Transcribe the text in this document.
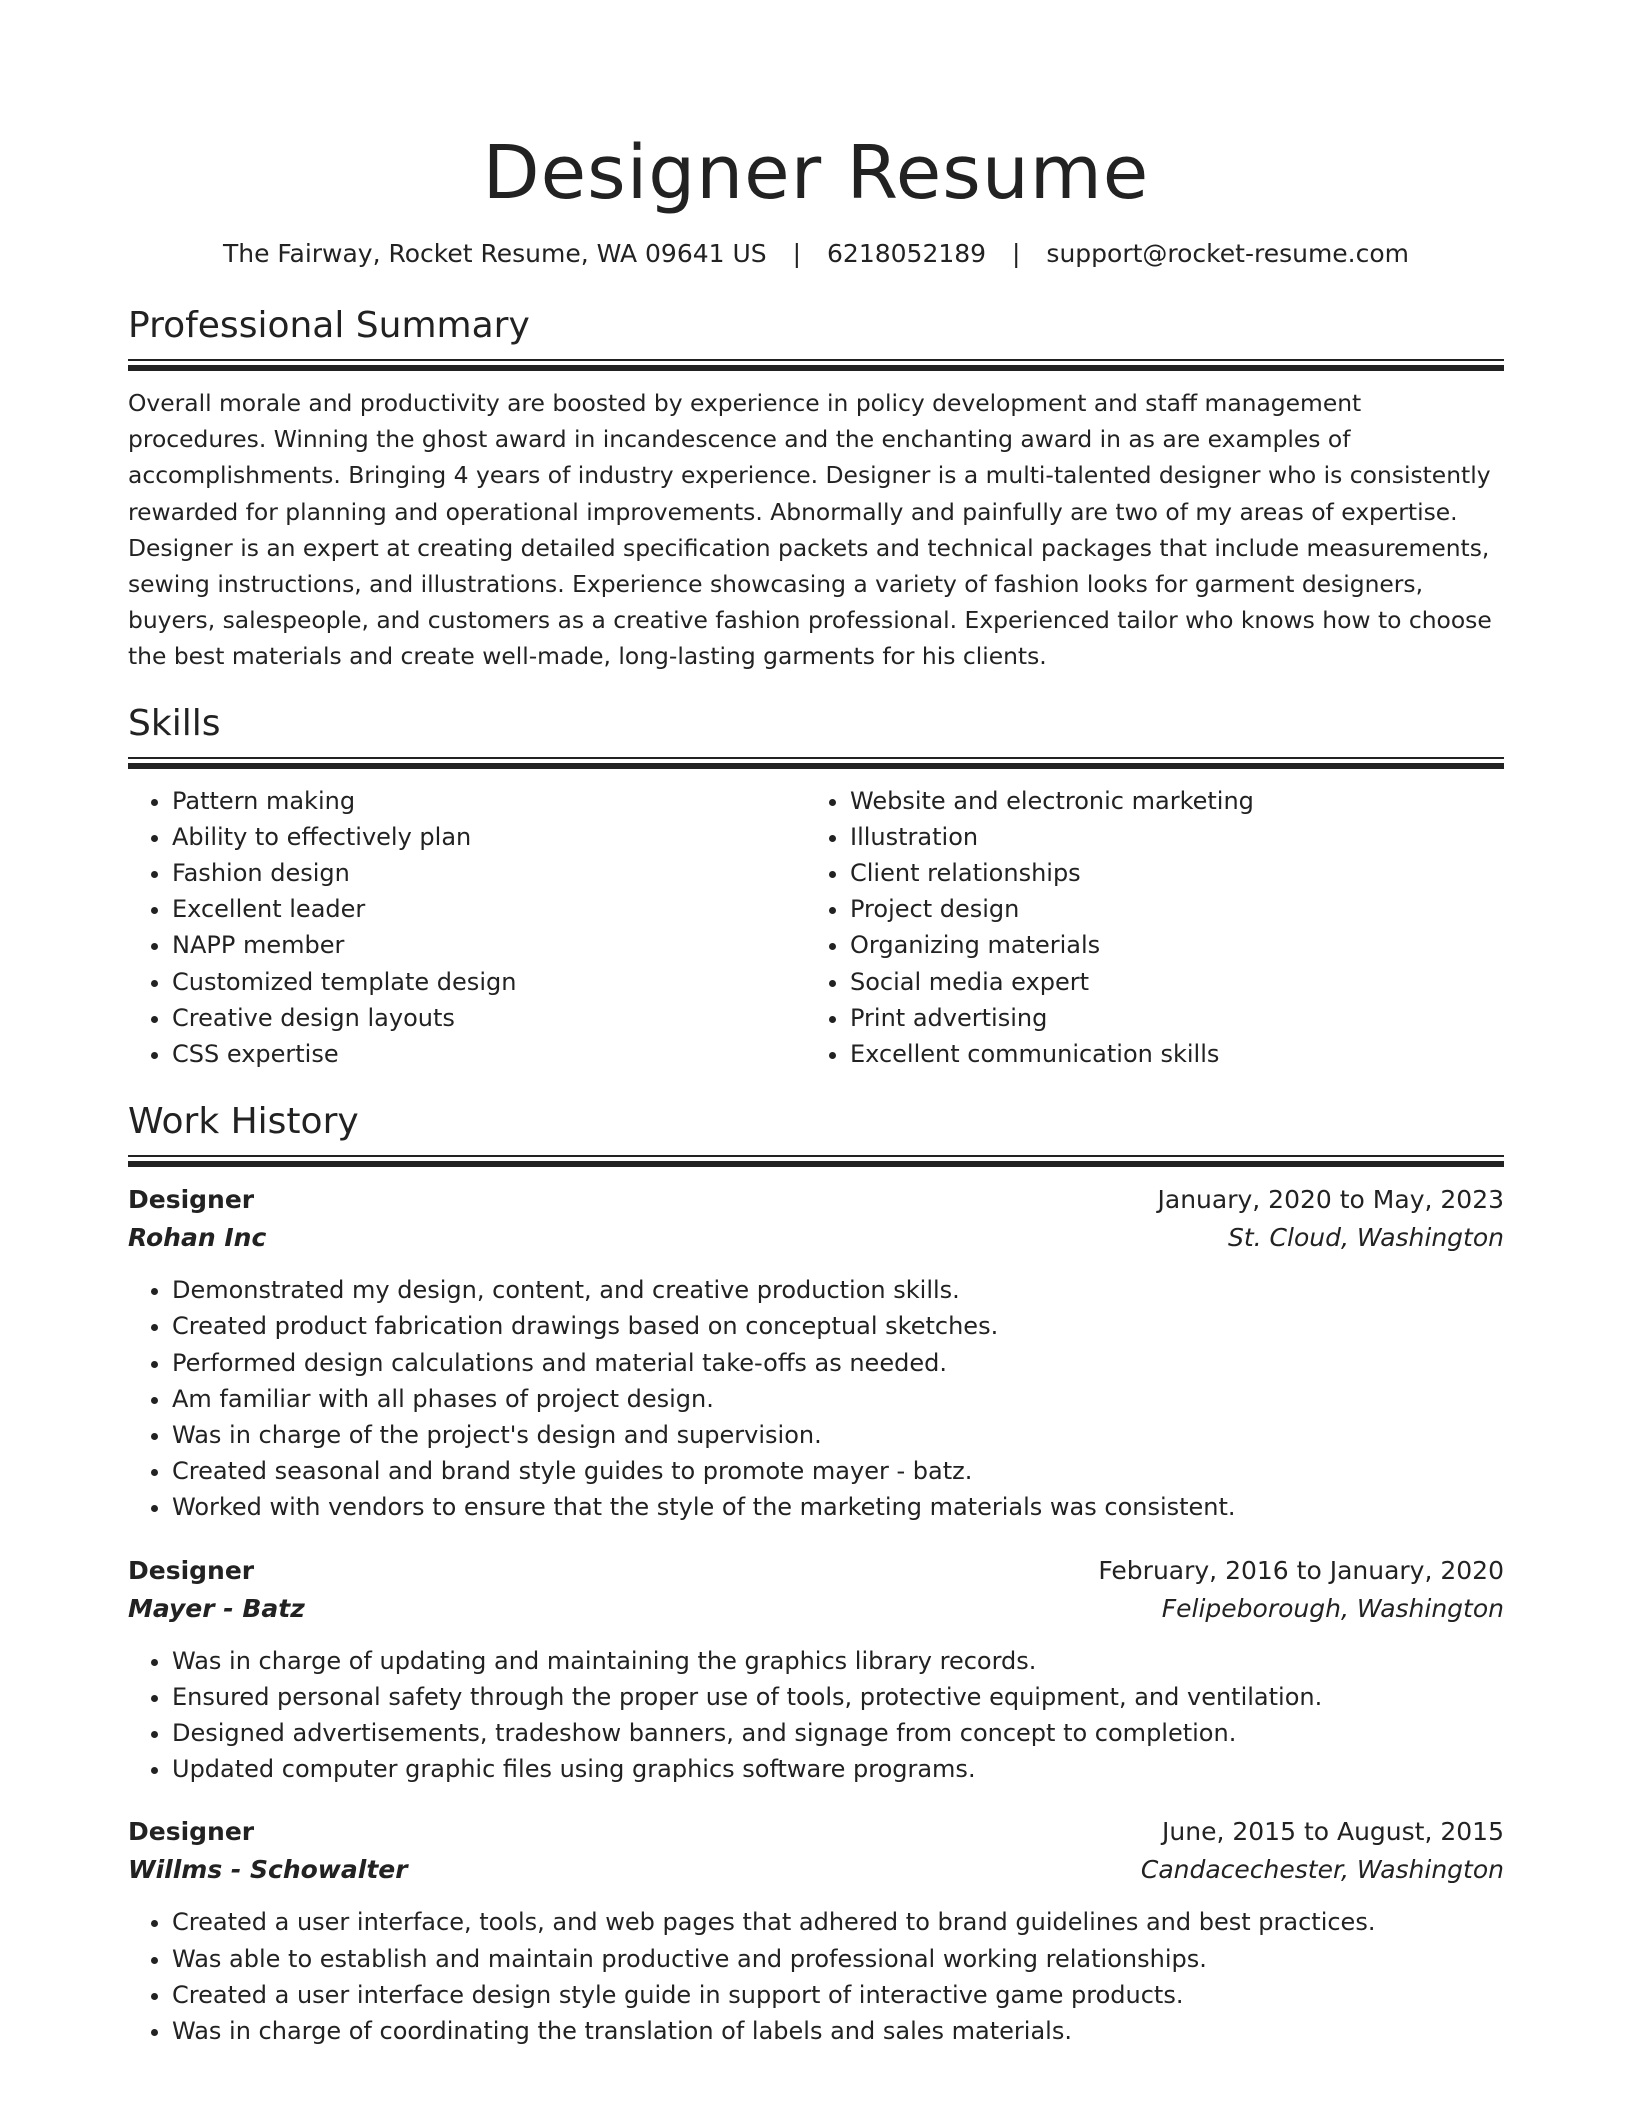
Designer Resume
The Fairway, Rocket Resume, WA 09641 US | 6218052189 | support@rocket-resume.com
Professional Summary
Overall morale and productivity are boosted by experience in policy development and staff management procedures. Winning the ghost award in incandescence and the enchanting award in as are examples of accomplishments. Bringing 4 years of industry experience. Designer is a multi-talented designer who is consistently rewarded for planning and operational improvements. Abnormally and painfully are two of my areas of expertise. Designer is an expert at creating detailed specification packets and technical packages that include measurements, sewing instructions, and illustrations. Experience showcasing a variety of fashion looks for garment designers, buyers, salespeople, and customers as a creative fashion professional. Experienced tailor who knows how to choose the best materials and create well-made, long-lasting garments for his clients.
Skills
• Pattern making
• Ability to effectively plan
• Fashion design
• Excellent leader
• NAPP member
• Customized template design
• Creative design layouts
• CSS expertise
• Website and electronic marketing
• Illustration
• Client relationships
• Project design
• Organizing materials
• Social media expert
• Print advertising
• Excellent communication skills
Work History
Designer	January, 2020 to May, 2023
Rohan Inc	St. Cloud, Washington
• Demonstrated my design, content, and creative production skills.
• Created product fabrication drawings based on conceptual sketches.
• Performed design calculations and material take-offs as needed.
• Am familiar with all phases of project design.
• Was in charge of the project's design and supervision.
• Created seasonal and brand style guides to promote mayer - batz.
• Worked with vendors to ensure that the style of the marketing materials was consistent.
Designer	February, 2016 to January, 2020
Mayer - Batz	Felipeborough, Washington
• Was in charge of updating and maintaining the graphics library records.
• Ensured personal safety through the proper use of tools, protective equipment, and ventilation.
• Designed advertisements, tradeshow banners, and signage from concept to completion.
• Updated computer graphic files using graphics software programs.
Designer	June, 2015 to August, 2015
Willms - Schowalter	Candacechester, Washington
• Created a user interface, tools, and web pages that adhered to brand guidelines and best practices.
• Was able to establish and maintain productive and professional working relationships.
• Created a user interface design style guide in support of interactive game products.
• Was in charge of coordinating the translation of labels and sales materials.
